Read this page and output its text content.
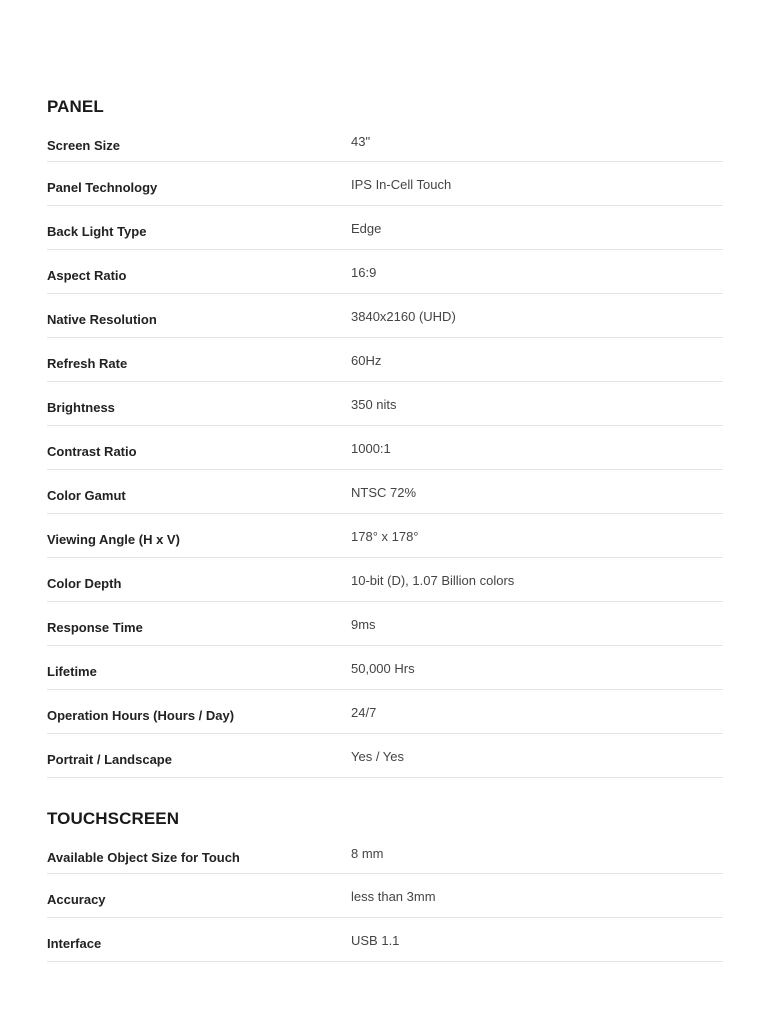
PANEL
Screen Size	43"
Panel Technology	IPS In-Cell Touch
Back Light Type	Edge
Aspect Ratio	16:9
Native Resolution	3840x2160 (UHD)
Refresh Rate	60Hz
Brightness	350 nits
Contrast Ratio	1000:1
Color Gamut	NTSC 72%
Viewing Angle (H x V)	178° x 178°
Color Depth	10-bit (D), 1.07 Billion colors
Response Time	9ms
Lifetime	50,000 Hrs
Operation Hours (Hours / Day)	24/7
Portrait / Landscape	Yes / Yes
TOUCHSCREEN
Available Object Size for Touch	8 mm
Accuracy	less than 3mm
Interface	USB 1.1
